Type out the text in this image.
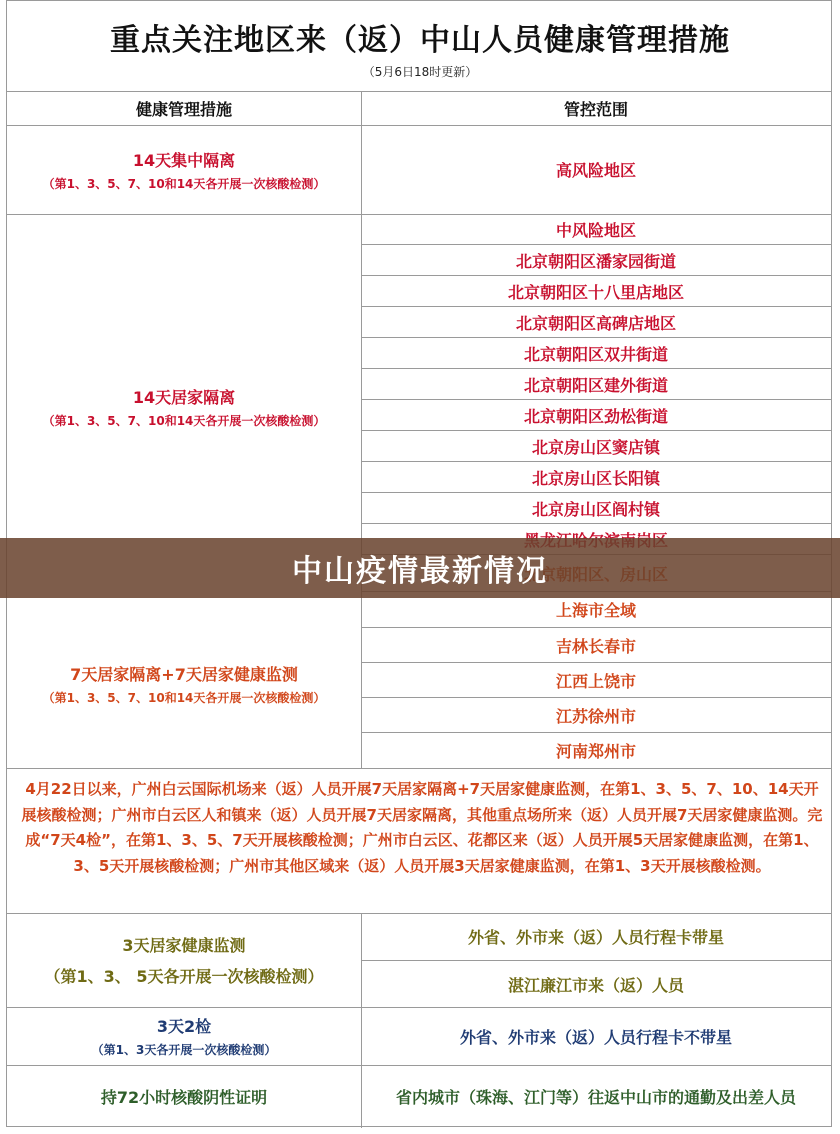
重点关注地区来（返）中山人员健康管理措施
（5月6日18时更新）
健康管理措施	管控范围
14天集中隔离
（第1、3、5、7、10和14天各开展一次核酸检测）
高风险地区
14天居家隔离
（第1、3、5、7、10和14天各开展一次核酸检测）
中风险地区
北京朝阳区潘家园街道
北京朝阳区十八里店地区
北京朝阳区高碑店地区
北京朝阳区双井街道
北京朝阳区建外街道
北京朝阳区劲松街道
北京房山区窦店镇
北京房山区长阳镇
北京房山区阎村镇
7天居家隔离+7天居家健康监测
（第1、3、5、7、10和14天各开展一次核酸检测）
上海市全域
吉林长春市
江西上饶市
江苏徐州市
河南郑州市
4月22日以来，广州白云国际机场来（返）人员开展7天居家隔离+7天居家健康监测，在第1、3、5、7、10、14天开展核酸检测；广州市白云区人和镇来（返）人员开展7天居家隔离，其他重点场所来（返）人员开展7天居家健康监测。完成“7天4检”，在第1、3、5、7天开展核酸检测；广州市白云区、花都区来（返）人员开展5天居家健康监测，在第1、3、5天开展核酸检测；广州市其他区域来（返）人员开展3天居家健康监测，在第1、3天开展核酸检测。
3天居家健康监测
（第1、3、 5天各开展一次核酸检测）
外省、外市来（返）人员行程卡带星
湛江廉江市来（返）人员
3天2检
（第1、3天各开展一次核酸检测）
外省、外市来（返）人员行程卡不带星
持72小时核酸阴性证明	省内城市（珠海、江门等）往返中山市的通勤及出差人员
中山疫情最新情况
